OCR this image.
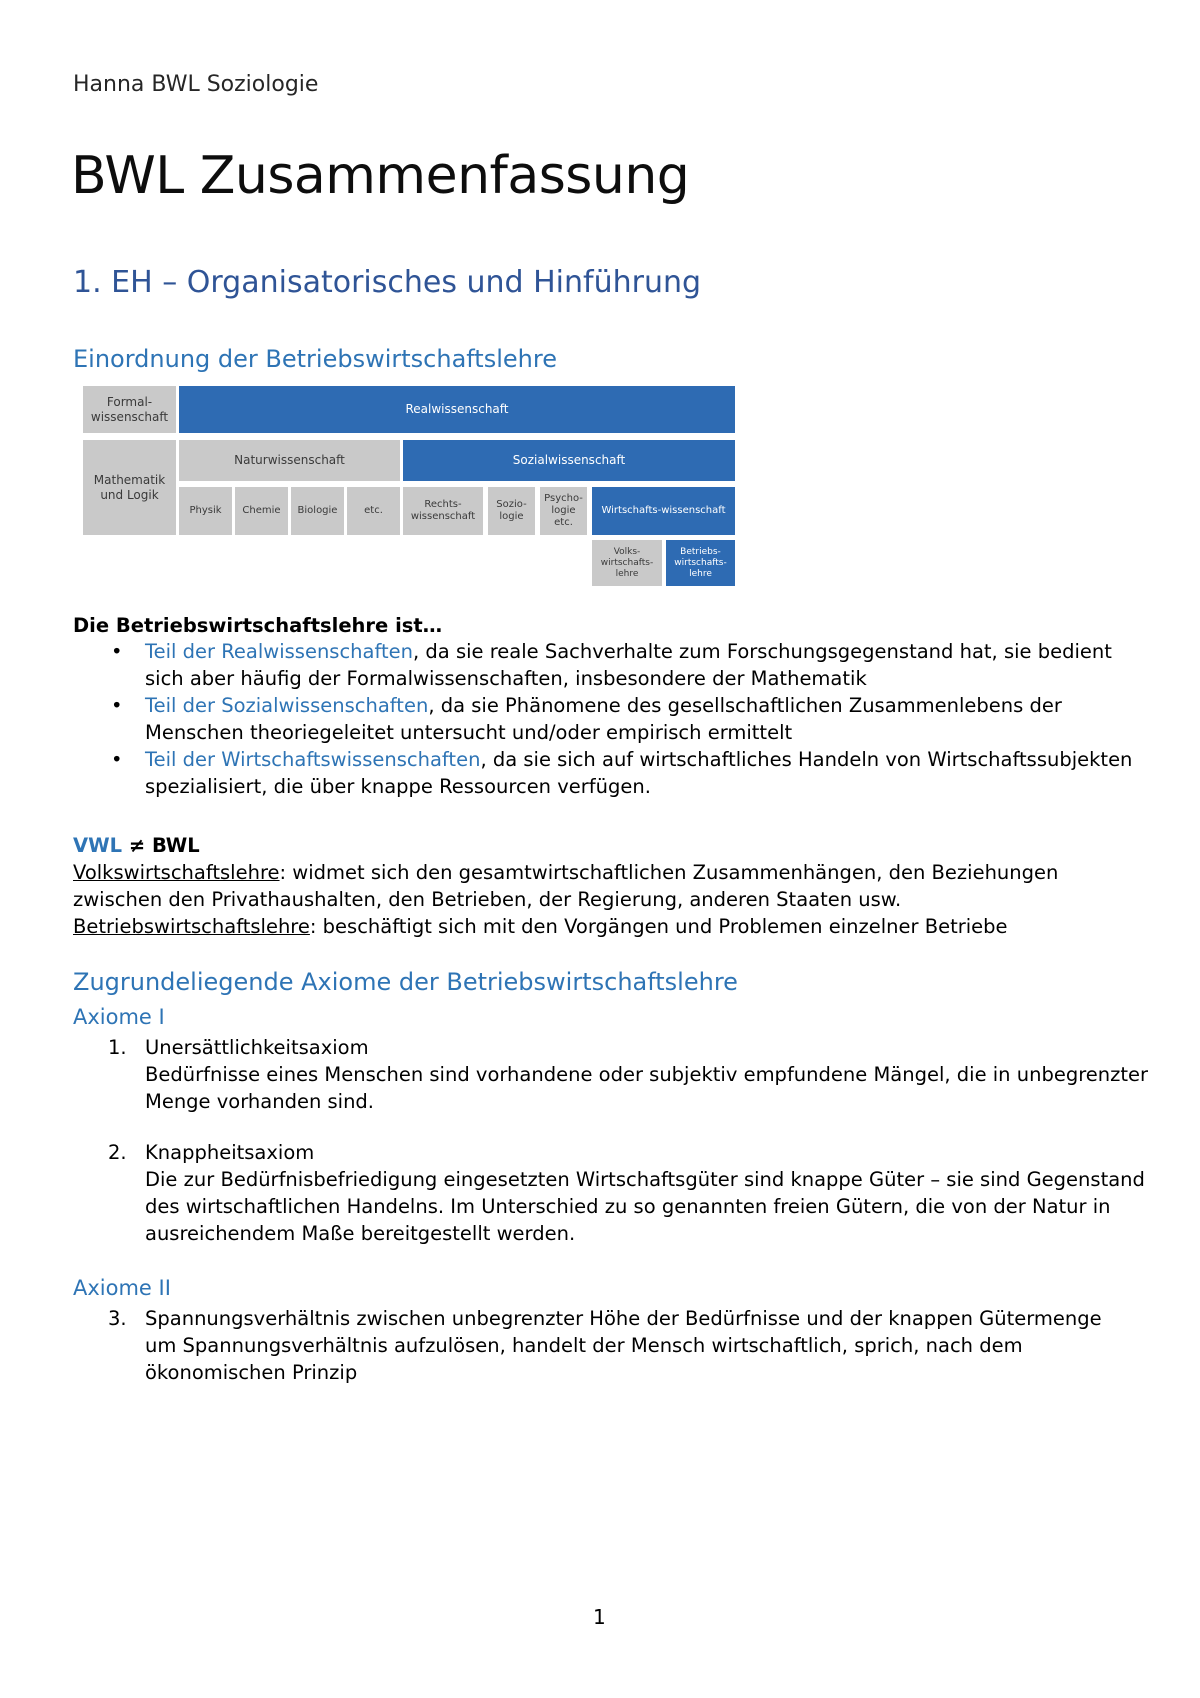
Hanna BWL Soziologie
BWL Zusammenfassung
1. EH – Organisatorisches und Hinführung
Einordnung der Betriebswirtschaftslehre
Formal-wissenschaft
Realwissenschaft
Mathematik und Logik
Naturwissenschaft	Sozialwissenschaft
Physik	Chemie	Biologie	etc.
Rechts-wissenschaft
Sozio-logie
Psycho-logie etc.
Wirtschafts-wissenschaft
Volks-wirtschafts-lehre
Betriebs-wirtschafts-lehre
Die Betriebswirtschaftslehre ist…
• Teil der Realwissenschaften, da sie reale Sachverhalte zum Forschungsgegenstand hat, sie bedient sich aber häufig der Formalwissenschaften, insbesondere der Mathematik
• Teil der Sozialwissenschaften, da sie Phänomene des gesellschaftlichen Zusammenlebens der Menschen theoriegeleitet untersucht und/oder empirisch ermittelt
• Teil der Wirtschaftswissenschaften, da sie sich auf wirtschaftliches Handeln von Wirtschaftssubjekten spezialisiert, die über knappe Ressourcen verfügen.
VWL ≠ BWL
Volkswirtschaftslehre: widmet sich den gesamtwirtschaftlichen Zusammenhängen, den Beziehungen zwischen den Privathaushalten, den Betrieben, der Regierung, anderen Staaten usw.
Betriebswirtschaftslehre: beschäftigt sich mit den Vorgängen und Problemen einzelner Betriebe
Zugrundeliegende Axiome der Betriebswirtschaftslehre
Axiome I
1. Unersättlichkeitsaxiom
Bedürfnisse eines Menschen sind vorhandene oder subjektiv empfundene Mängel, die in unbegrenzter Menge vorhanden sind.
2. Knappheitsaxiom
Die zur Bedürfnisbefriedigung eingesetzten Wirtschaftsgüter sind knappe Güter – sie sind Gegenstand des wirtschaftlichen Handelns. Im Unterschied zu so genannten freien Gütern, die von der Natur in ausreichendem Maße bereitgestellt werden.
Axiome II
3. Spannungsverhältnis zwischen unbegrenzter Höhe der Bedürfnisse und der knappen Gütermenge
um Spannungsverhältnis aufzulösen, handelt der Mensch wirtschaftlich, sprich, nach dem ökonomischen Prinzip
1
